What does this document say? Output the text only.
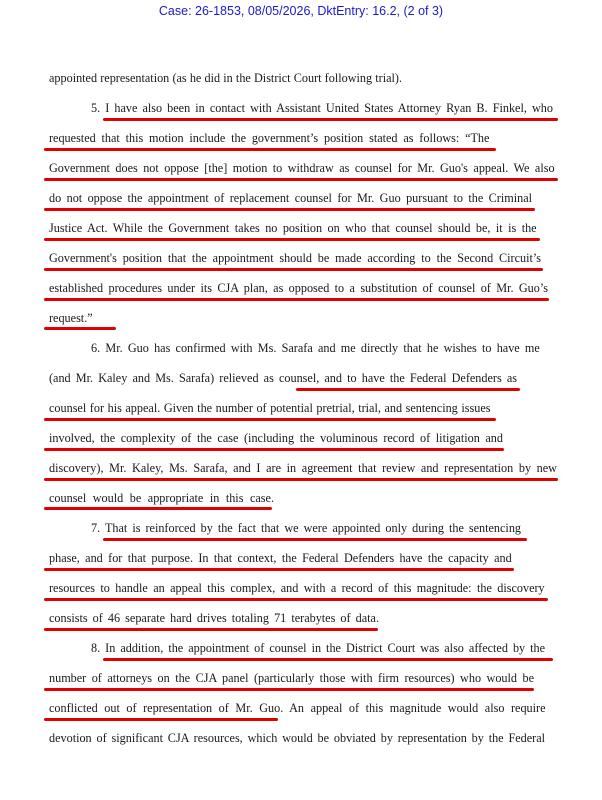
Case: 26-1853, 08/05/2026, DktEntry: 16.2, (2 of 3)
appointed representation (as he did in the District Court following trial).
5. I have also been in contact with Assistant United States Attorney Ryan B. Finkel, who
requested that this motion include the government’s position stated as follows: “The
Government does not oppose [the] motion to withdraw as counsel for Mr. Guo's appeal. We also
do not oppose the appointment of replacement counsel for Mr. Guo pursuant to the Criminal
Justice Act. While the Government takes no position on who that counsel should be, it is the
Government's position that the appointment should be made according to the Second Circuit’s
established procedures under its CJA plan, as opposed to a substitution of counsel of Mr. Guo’s
request.”
6. Mr. Guo has confirmed with Ms. Sarafa and me directly that he wishes to have me
(and Mr. Kaley and Ms. Sarafa) relieved as counsel, and to have the Federal Defenders as
counsel for his appeal. Given the number of potential pretrial, trial, and sentencing issues
involved, the complexity of the case (including the voluminous record of litigation and
discovery), Mr. Kaley, Ms. Sarafa, and I are in agreement that review and representation by new
counsel would be appropriate in this case.
7. That is reinforced by the fact that we were appointed only during the sentencing
phase, and for that purpose. In that context, the Federal Defenders have the capacity and
resources to handle an appeal this complex, and with a record of this magnitude: the discovery
consists of 46 separate hard drives totaling 71 terabytes of data.
8. In addition, the appointment of counsel in the District Court was also affected by the
number of attorneys on the CJA panel (particularly those with firm resources) who would be
conflicted out of representation of Mr. Guo. An appeal of this magnitude would also require
devotion of significant CJA resources, which would be obviated by representation by the Federal
